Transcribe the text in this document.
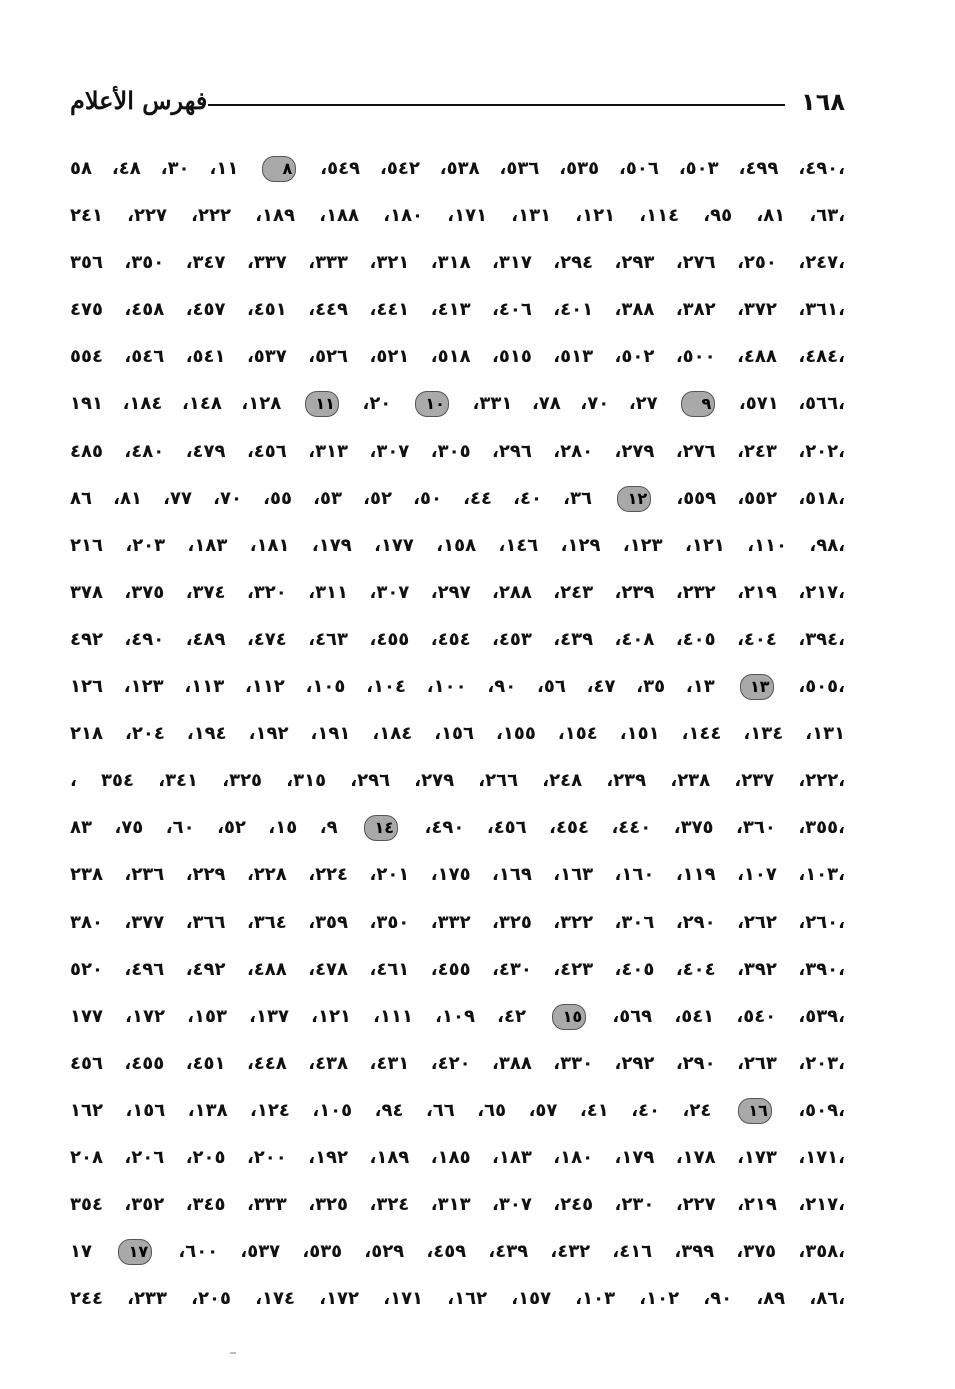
١٦٨
فهرس الأعلام
٤٩٠، ٤٩٩، ٥٠٣، ٥٠٦، ٥٣٥، ٥٣٦، ٥٣٨، ٥٤٢، ٥٤٩، ٨ ١١، ٣٠، ٤٨، ٥٨،
٦٣، ٨١، ٩٥، ١١٤، ١٢١، ١٣١، ١٧١، ١٨٠، ١٨٨، ١٨٩، ٢٢٢، ٢٢٧، ٢٤١،
٢٤٧، ٢٥٠، ٢٧٦، ٢٩٣، ٢٩٤، ٣١٧، ٣١٨، ٣٢١، ٣٣٣، ٣٣٧، ٣٤٧، ٣٥٠، ٣٥٦،
٣٦١، ٣٧٢، ٣٨٢، ٣٨٨، ٤٠١، ٤٠٦، ٤١٣، ٤٤١، ٤٤٩، ٤٥١، ٤٥٧، ٤٥٨، ٤٧٥،
٤٨٤، ٤٨٨، ٥٠٠، ٥٠٢، ٥١٣، ٥١٥، ٥١٨، ٥٢١، ٥٢٦، ٥٣٧، ٥٤١، ٥٤٦، ٥٥٤،
٥٦٦، ٥٧١، ٩ ٢٧، ٧٠، ٧٨، ٣٣١، ١٠ ٢٠، ١١ ١٢٨، ١٤٨، ١٨٤، ١٩١،
٢٠٢، ٢٤٣، ٢٧٦، ٢٧٩، ٢٨٠، ٢٩٦، ٣٠٥، ٣٠٧، ٣١٣، ٤٥٦، ٤٧٩، ٤٨٠، ٤٨٥،
٥١٨، ٥٥٢، ٥٥٩، ١٢ ٣٦، ٤٠، ٤٤، ٥٠، ٥٢، ٥٣، ٥٥، ٧٠، ٧٧، ٨١، ٨٦،
٩٨، ١١٠، ١٢١، ١٢٣، ١٢٩، ١٤٦، ١٥٨، ١٧٧، ١٧٩، ١٨١، ١٨٣، ٢٠٣، ٢١٦،
٢١٧، ٢١٩، ٢٣٢، ٢٣٩، ٢٤٣، ٢٨٨، ٢٩٧، ٣٠٧، ٣١١، ٣٢٠، ٣٧٤، ٣٧٥، ٣٧٨،
٣٩٤، ٤٠٤، ٤٠٥، ٤٠٨، ٤٣٩، ٤٥٣، ٤٥٤، ٤٥٥، ٤٦٣، ٤٧٤، ٤٨٩، ٤٩٠، ٤٩٢،
٥٠٥، ١٣ ١٣، ٣٥، ٤٧، ٥٦، ٩٠، ١٠٠، ١٠٤، ١٠٥، ١١٢، ١١٣، ١٢٣، ١٢٦،
١٣١، ١٣٤، ١٤٤، ١٥١، ١٥٤، ١٥٥، ١٥٦، ١٨٤، ١٩١، ١٩٢، ١٩٤، ٢٠٤، ٢١٨
، ٢٢٢، ٢٣٧، ٢٣٨، ٢٣٩، ٢٤٨، ٢٦٦، ٢٧٩، ٢٩٦، ٣١٥، ٣٢٥، ٣٤١، ٣٥٤،
٣٥٥، ٣٦٠، ٣٧٥، ٤٤٠، ٤٥٤، ٤٥٦، ٤٩٠، ١٤ ٩، ١٥، ٥٢، ٦٠، ٧٥، ٨٣،
١٠٣، ١٠٧، ١١٩، ١٦٠، ١٦٣، ١٦٩، ١٧٥، ٢٠١، ٢٢٤، ٢٢٨، ٢٢٩، ٢٣٦، ٢٣٨،
٢٦٠، ٢٦٢، ٢٩٠، ٣٠٦، ٣٢٢، ٣٢٥، ٣٣٢، ٣٥٠، ٣٥٩، ٣٦٤، ٣٦٦، ٣٧٧، ٣٨٠،
٣٩٠، ٣٩٢، ٤٠٤، ٤٠٥، ٤٢٣، ٤٣٠، ٤٥٥، ٤٦١، ٤٧٨، ٤٨٨، ٤٩٢، ٤٩٦، ٥٢٠،
٥٣٩، ٥٤٠، ٥٤١، ٥٦٩، ١٥ ٤٢، ١٠٩، ١١١، ١٢١، ١٣٧، ١٥٣، ١٧٢، ١٧٧،
٢٠٣، ٢٦٣، ٢٩٠، ٢٩٢، ٣٣٠، ٣٨٨، ٤٢٠، ٤٣١، ٤٣٨، ٤٤٨، ٤٥١، ٤٥٥، ٤٥٦،
٥٠٩، ١٦ ٢٤، ٤٠، ٤١، ٥٧، ٦٥، ٦٦، ٩٤، ١٠٥، ١٢٤، ١٣٨، ١٥٦، ١٦٢،
١٧١، ١٧٣، ١٧٨، ١٧٩، ١٨٠، ١٨٣، ١٨٥، ١٨٩، ١٩٢، ٢٠٠، ٢٠٥، ٢٠٦، ٢٠٨،
٢١٧، ٢١٩، ٢٢٧، ٢٣٠، ٢٤٥، ٣٠٧، ٣١٣، ٣٢٤، ٣٢٥، ٣٣٣، ٣٤٥، ٣٥٢، ٣٥٤،
٣٥٨، ٣٧٥، ٣٩٩، ٤١٦، ٤٣٢، ٤٣٩، ٤٥٩، ٥٢٩، ٥٣٥، ٥٣٧، ٦٠٠، ١٧ ١٧،
٨٦، ٨٩، ٩٠، ١٠٢، ١٠٣، ١٥٧، ١٦٢، ١٧١، ١٧٢، ١٧٤، ٢٠٥، ٢٣٣، ٢٤٤،
